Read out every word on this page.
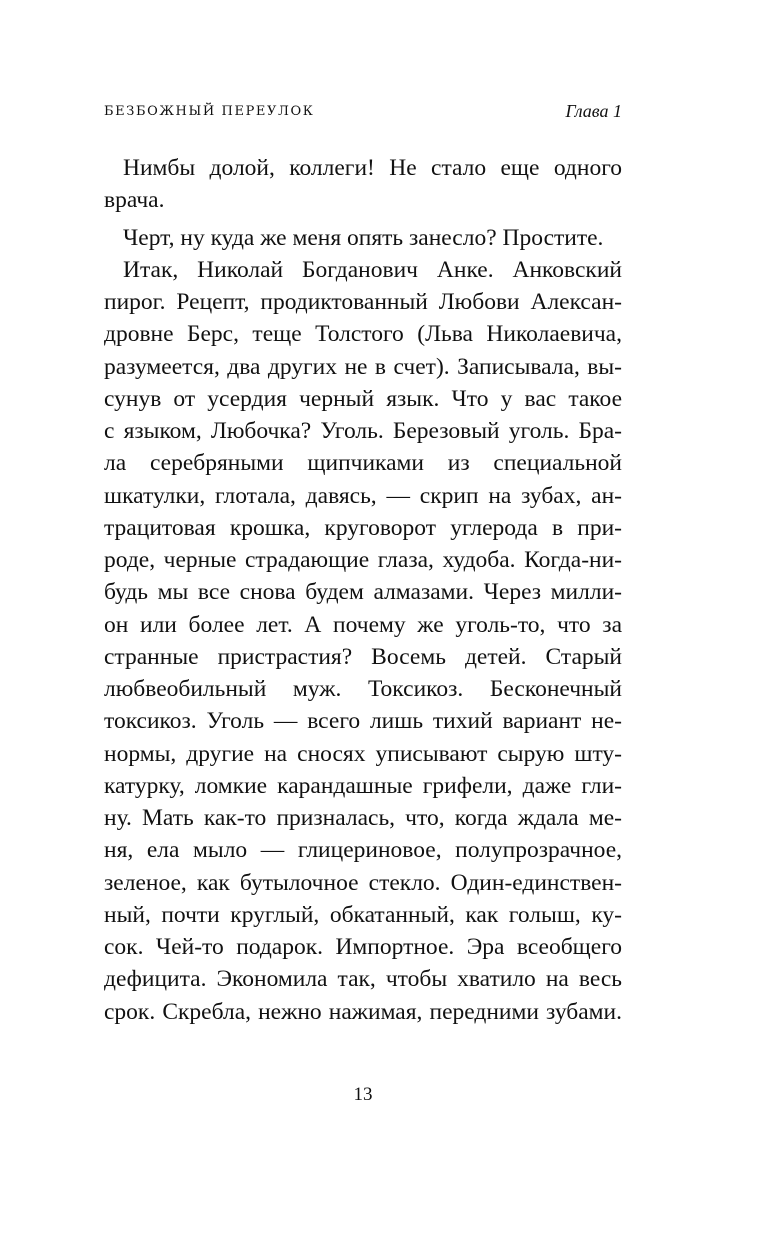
БЕЗБОЖНЫЙ ПЕРЕУЛОК	Глава 1
Нимбы долой, коллеги! Не стало еще одного
врача.
Черт, ну куда же меня опять занесло? Простите.
Итак, Николай Богданович Анке. Анковский
пирог. Рецепт, продиктованный Любови Алексан-
дровне Берс, теще Толстого (Льва Николаевича,
разумеется, два других не в счет). Записывала, вы-
сунув от усердия черный язык. Что у вас такое
с языком, Любочка? Уголь. Березовый уголь. Бра-
ла серебряными щипчиками из специальной
шкатулки, глотала, давясь, — скрип на зубах, ан-
трацитовая крошка, круговорот углерода в при-
роде, черные страдающие глаза, худоба. Когда-ни-
будь мы все снова будем алмазами. Через милли-
он или более лет. А почему же уголь-то, что за
странные пристрастия? Восемь детей. Старый
любвеобильный муж. Токсикоз. Бесконечный
токсикоз. Уголь — всего лишь тихий вариант не-
нормы, другие на сносях уписывают сырую шту-
катурку, ломкие карандашные грифели, даже гли-
ну. Мать как-то призналась, что, когда ждала ме-
ня, ела мыло — глицериновое, полупрозрачное,
зеленое, как бутылочное стекло. Один-единствен-
ный, почти круглый, обкатанный, как голыш, ку-
сок. Чей-то подарок. Импортное. Эра всеобщего
дефицита. Экономила так, чтобы хватило на весь
срок. Скребла, нежно нажимая, передними зубами.
13
